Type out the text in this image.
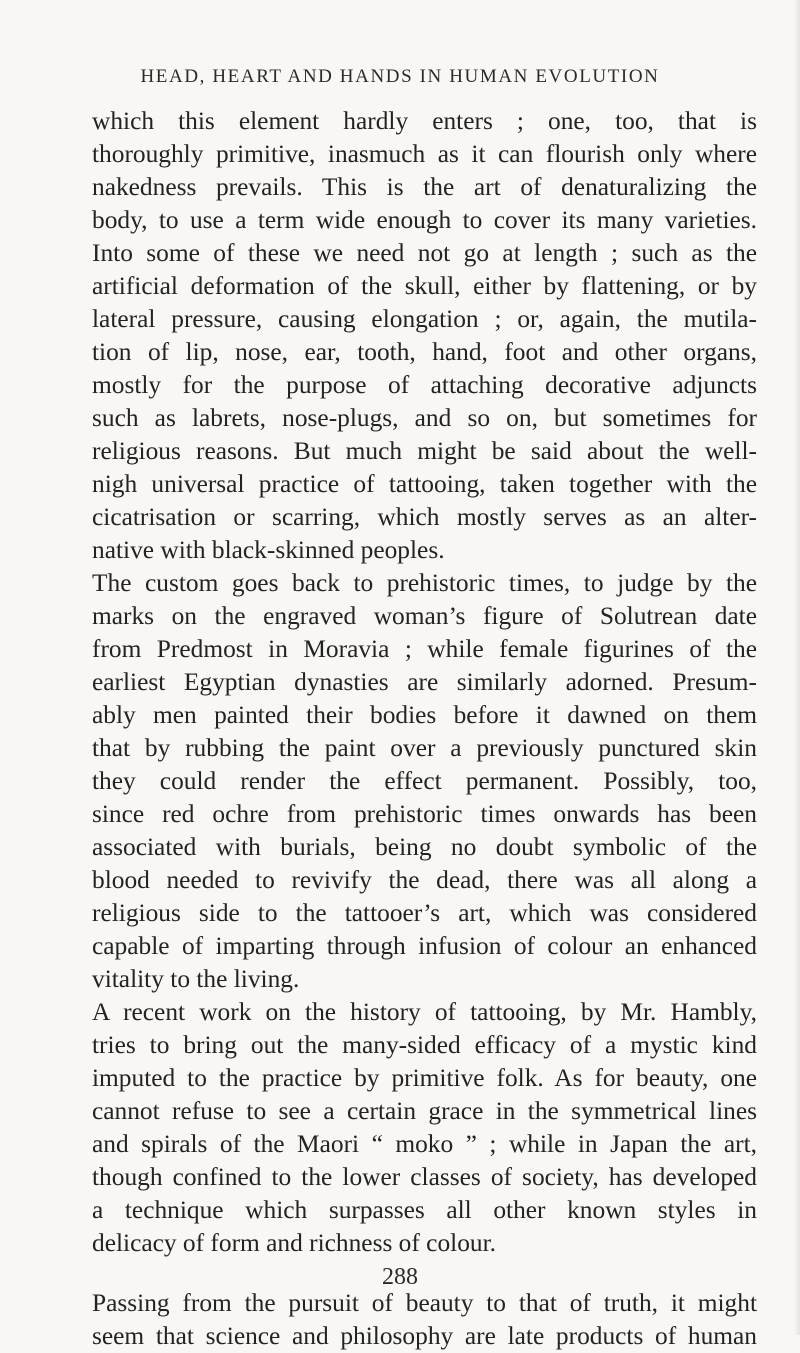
HEAD, HEART AND HANDS IN HUMAN EVOLUTION
which this element hardly enters ; one, too, that is
thoroughly primitive, inasmuch as it can flourish only where
nakedness prevails. This is the art of denaturalizing the
body, to use a term wide enough to cover its many varieties.
Into some of these we need not go at length ; such as the
artificial deformation of the skull, either by flattening, or by
lateral pressure, causing elongation ; or, again, the mutila-
tion of lip, nose, ear, tooth, hand, foot and other organs,
mostly for the purpose of attaching decorative adjuncts
such as labrets, nose-plugs, and so on, but sometimes for
religious reasons. But much might be said about the well-
nigh universal practice of tattooing, taken together with the
cicatrisation or scarring, which mostly serves as an alter-
native with black-skinned peoples.
The custom goes back to prehistoric times, to judge by the
marks on the engraved woman’s figure of Solutrean date
from Predmost in Moravia ; while female figurines of the
earliest Egyptian dynasties are similarly adorned. Presum-
ably men painted their bodies before it dawned on them
that by rubbing the paint over a previously punctured skin
they could render the effect permanent. Possibly, too,
since red ochre from prehistoric times onwards has been
associated with burials, being no doubt symbolic of the
blood needed to revivify the dead, there was all along a
religious side to the tattooer’s art, which was considered
capable of imparting through infusion of colour an enhanced
vitality to the living.
A recent work on the history of tattooing, by Mr. Hambly,
tries to bring out the many-sided efficacy of a mystic kind
imputed to the practice by primitive folk. As for beauty, one
cannot refuse to see a certain grace in the symmetrical lines
and spirals of the Maori “ moko ” ; while in Japan the art,
though confined to the lower classes of society, has developed
a technique which surpasses all other known styles in
delicacy of form and richness of colour.
Passing from the pursuit of beauty to that of truth, it might
seem that science and philosophy are late products of human
288
